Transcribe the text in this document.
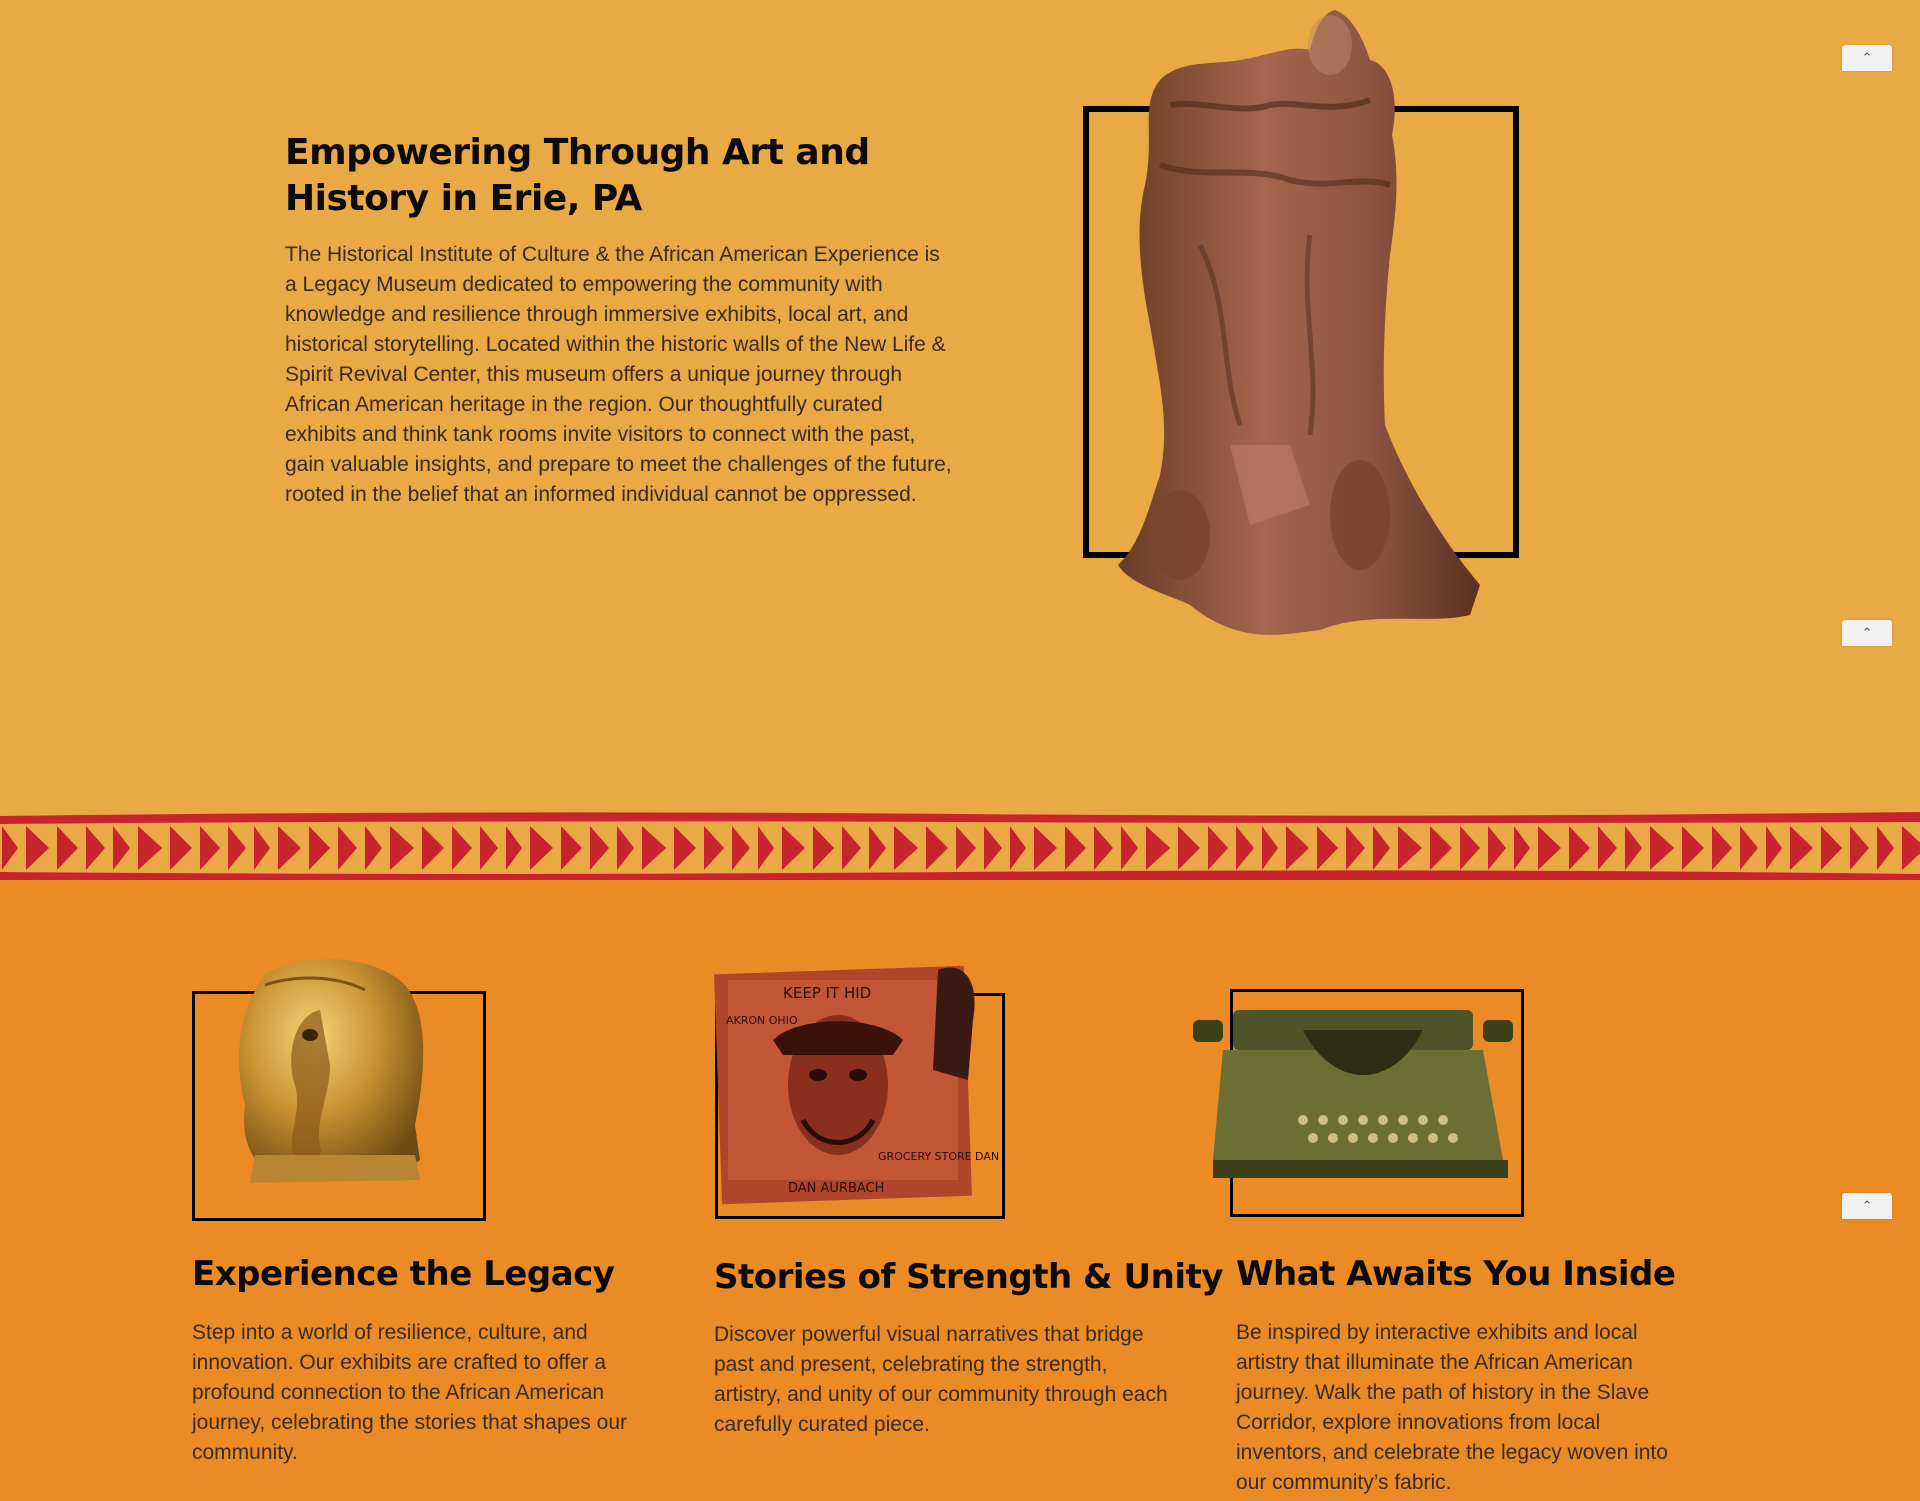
Empowering Through Art and History in Erie, PA

The Historical Institute of Culture & the African American Experience is a Legacy Museum dedicated to empowering the community with knowledge and resilience through immersive exhibits, local art, and historical storytelling. Located within the historic walls of the New Life & Spirit Revival Center, this museum offers a unique journey through African American heritage in the region. Our thoughtfully curated exhibits and think tank rooms invite visitors to connect with the past, gain valuable insights, and prepare to meet the challenges of the future, rooted in the belief that an informed individual cannot be oppressed.

⌃
⌃
Experience the Legacy
Step into a world of resilience, culture, and innovation. Our exhibits are crafted to offer a profound connection to the African American journey, celebrating the stories that shapes our community.
KEEP IT HID
AKRON OHIO
GROCERY STORE DAN
DAN AURBACH
Stories of Strength & Unity
Discover powerful visual narratives that bridge past and present, celebrating the strength, artistry, and unity of our community through each carefully curated piece.
What Awaits You Inside
Be inspired by interactive exhibits and local artistry that illuminate the African American journey. Walk the path of history in the Slave Corridor, explore innovations from local inventors, and celebrate the legacy woven into our community’s fabric.
⌃
